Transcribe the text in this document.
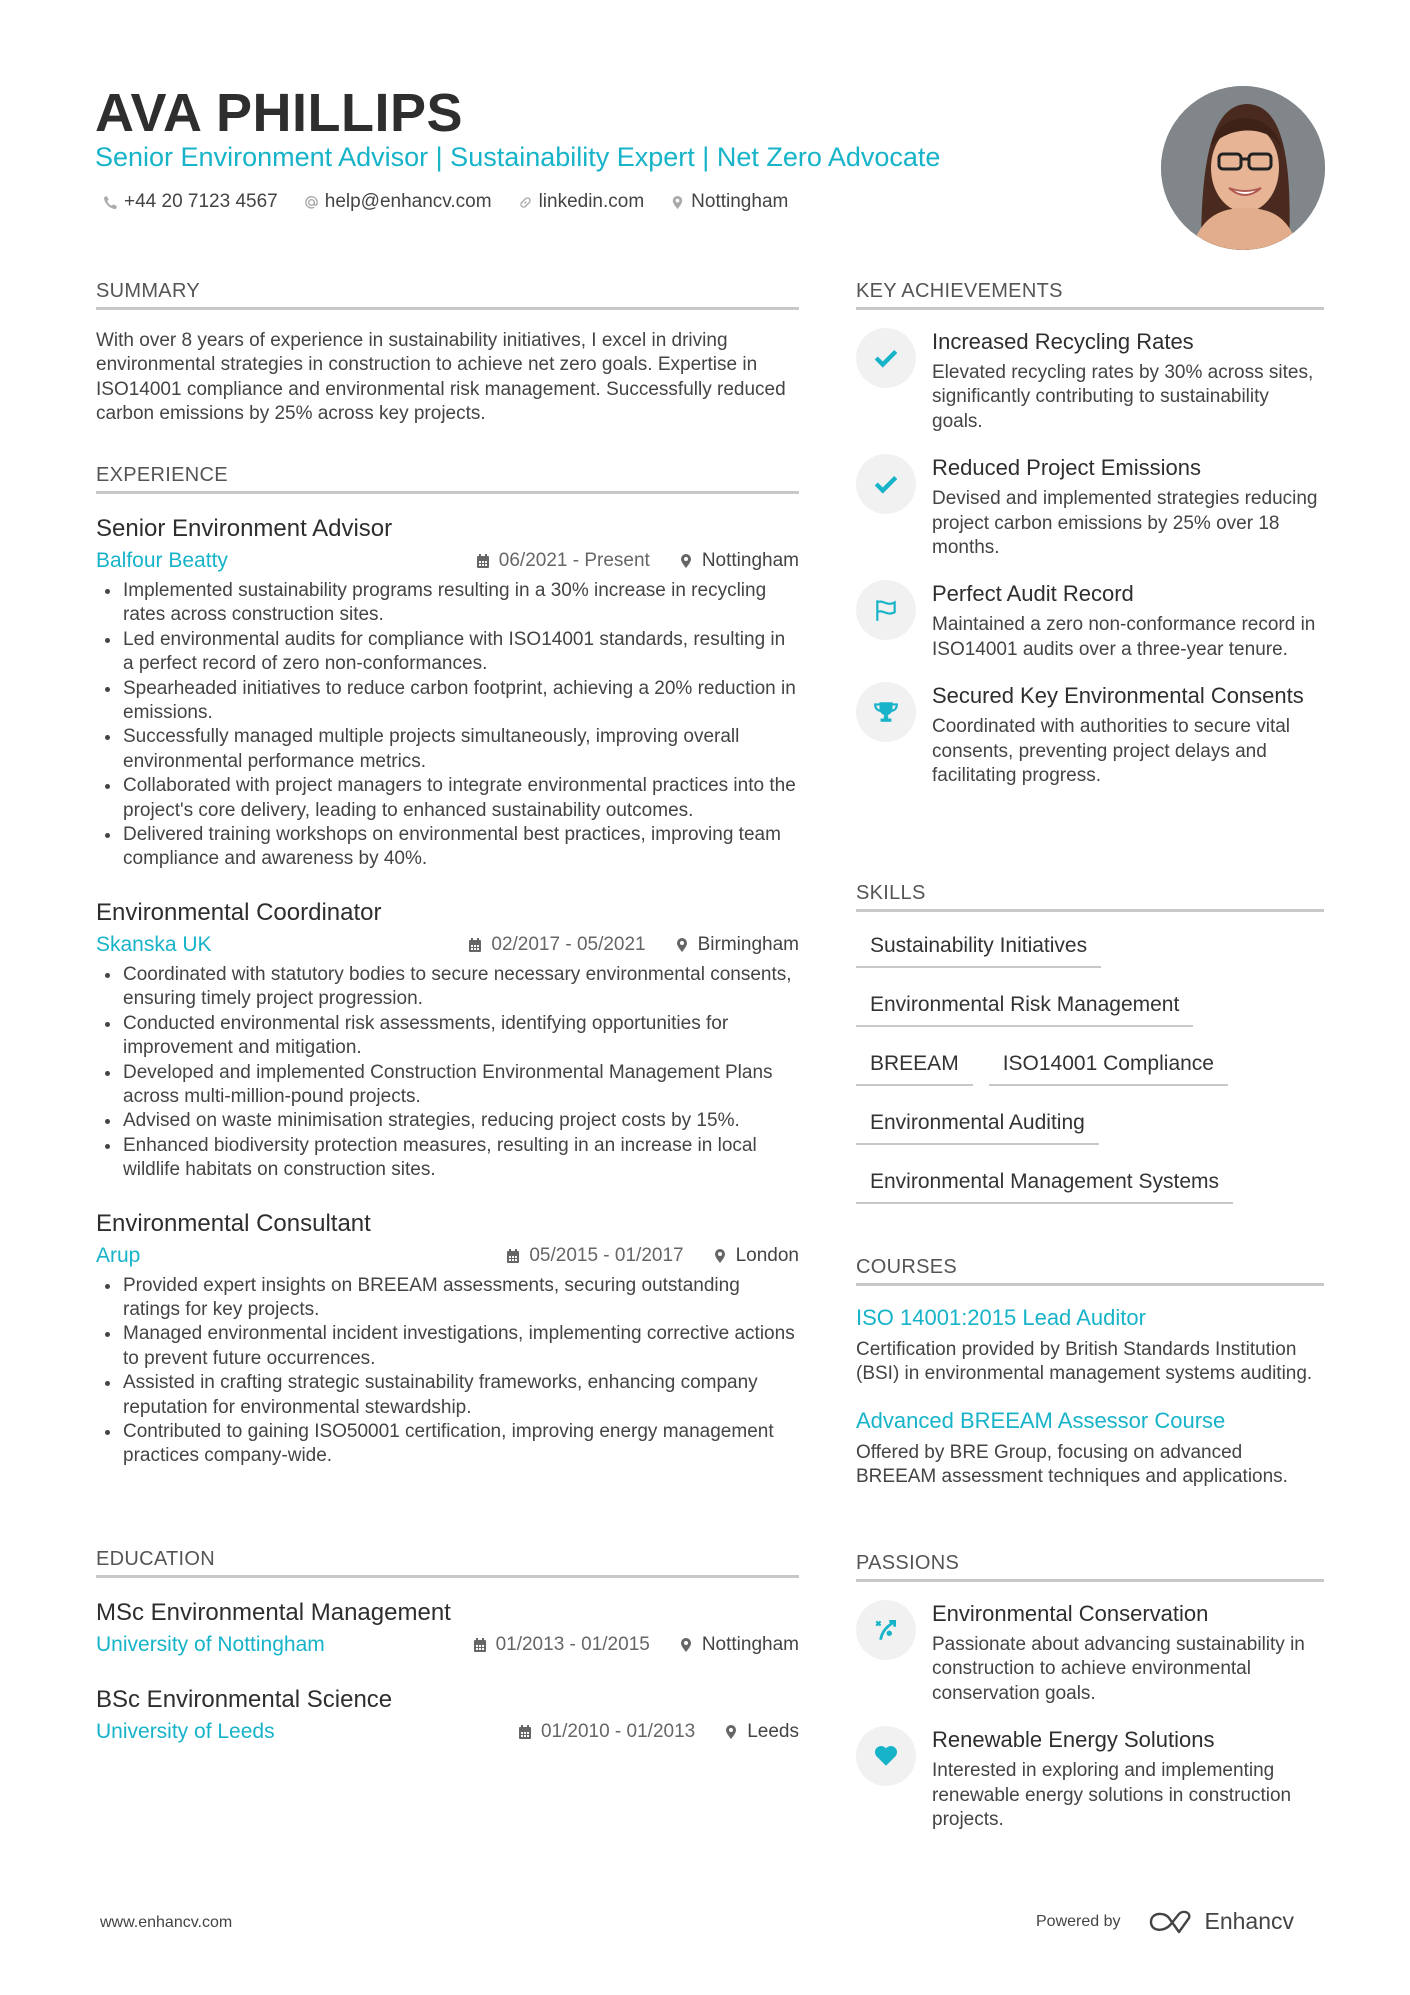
AVA PHILLIPS
Senior Environment Advisor | Sustainability Expert | Net Zero Advocate
+44 20 7123 4567 help@enhancv.com linkedin.com Nottingham
SUMMARY

With over 8 years of experience in sustainability initiatives, I excel in driving environmental strategies in construction to achieve net zero goals. Expertise in ISO14001 compliance and environmental risk management. Successfully reduced carbon emissions by 25% across key projects.

EXPERIENCE
Senior Environment Advisor
Balfour Beatty	06/2021 - Present	Nottingham
Implemented sustainability programs resulting in a 30% increase in recycling rates across construction sites.
Led environmental audits for compliance with ISO14001 standards, resulting in a perfect record of zero non-conformances.
Spearheaded initiatives to reduce carbon footprint, achieving a 20% reduction in emissions.
Successfully managed multiple projects simultaneously, improving overall environmental performance metrics.
Collaborated with project managers to integrate environmental practices into the project's core delivery, leading to enhanced sustainability outcomes.
Delivered training workshops on environmental best practices, improving team compliance and awareness by 40%.
Environmental Coordinator
Skanska UK	02/2017 - 05/2021	Birmingham
Coordinated with statutory bodies to secure necessary environmental consents, ensuring timely project progression.
Conducted environmental risk assessments, identifying opportunities for improvement and mitigation.
Developed and implemented Construction Environmental Management Plans across multi-million-pound projects.
Advised on waste minimisation strategies, reducing project costs by 15%.
Enhanced biodiversity protection measures, resulting in an increase in local wildlife habitats on construction sites.
Environmental Consultant
Arup	05/2015 - 01/2017	London
Provided expert insights on BREEAM assessments, securing outstanding ratings for key projects.
Managed environmental incident investigations, implementing corrective actions to prevent future occurrences.
Assisted in crafting strategic sustainability frameworks, enhancing company reputation for environmental stewardship.
Contributed to gaining ISO50001 certification, improving energy management practices company-wide.
EDUCATION
MSc Environmental Management
University of Nottingham	01/2013 - 01/2015	Nottingham
BSc Environmental Science
University of Leeds	01/2010 - 01/2013	Leeds
KEY ACHIEVEMENTS
Increased Recycling Rates
Elevated recycling rates by 30% across sites, significantly contributing to sustainability goals.
Reduced Project Emissions
Devised and implemented strategies reducing project carbon emissions by 25% over 18 months.
Perfect Audit Record
Maintained a zero non-conformance record in ISO14001 audits over a three-year tenure.
Secured Key Environmental Consents
Coordinated with authorities to secure vital consents, preventing project delays and facilitating progress.
SKILLS
Sustainability Initiatives
Environmental Risk Management
BREEAM	ISO14001 Compliance
Environmental Auditing
Environmental Management Systems
COURSES
ISO 14001:2015 Lead Auditor
Certification provided by British Standards Institution (BSI) in environmental management systems auditing.
Advanced BREEAM Assessor Course
Offered by BRE Group, focusing on advanced BREEAM assessment techniques and applications.
PASSIONS
Environmental Conservation
Passionate about advancing sustainability in construction to achieve environmental conservation goals.
Renewable Energy Solutions
Interested in exploring and implementing renewable energy solutions in construction projects.
www.enhancv.com	Powered by	Enhancv
